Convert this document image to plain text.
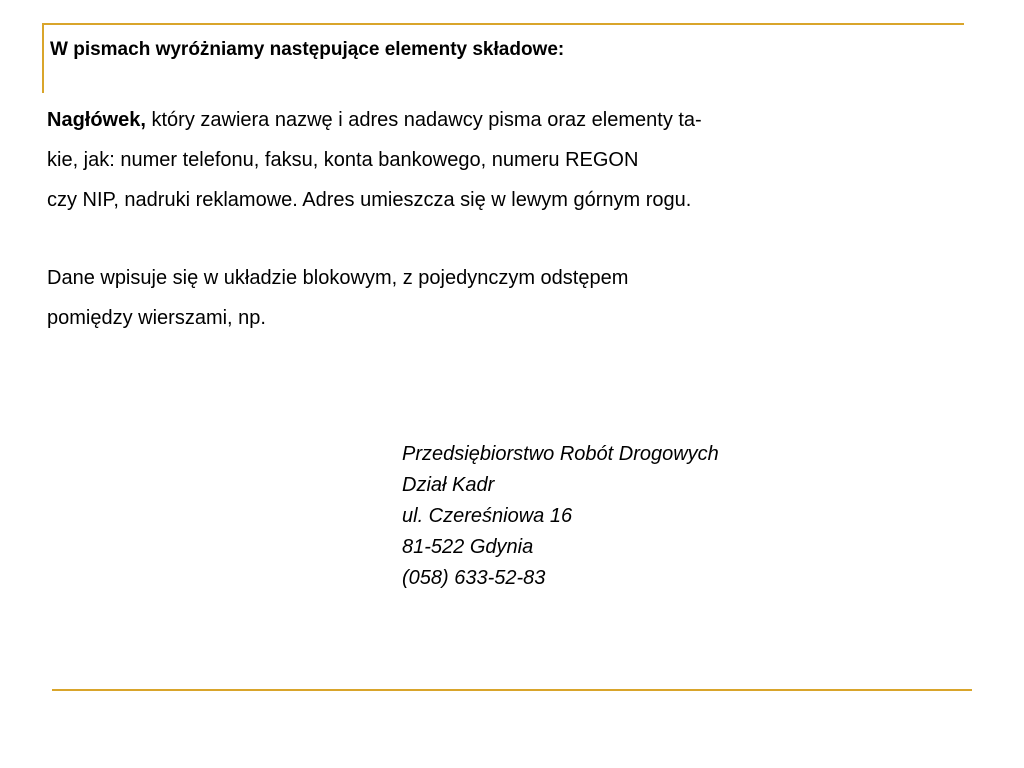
W pismach wyróżniamy następujące elementy składowe:

Nagłówek, który zawiera nazwę i adres nadawcy pisma oraz elementy ta-
kie, jak: numer telefonu, faksu, konta bankowego, numeru REGON
czy NIP, nadruki reklamowe. Adres umieszcza się w lewym górnym rogu.

Dane wpisuje się w układzie blokowym, z pojedynczym odstępem
pomiędzy wierszami, np.

Przedsiębiorstwo Robót Drogowych
Dział Kadr
ul. Czereśniowa 16
81-522 Gdynia
(058) 633-52-83
